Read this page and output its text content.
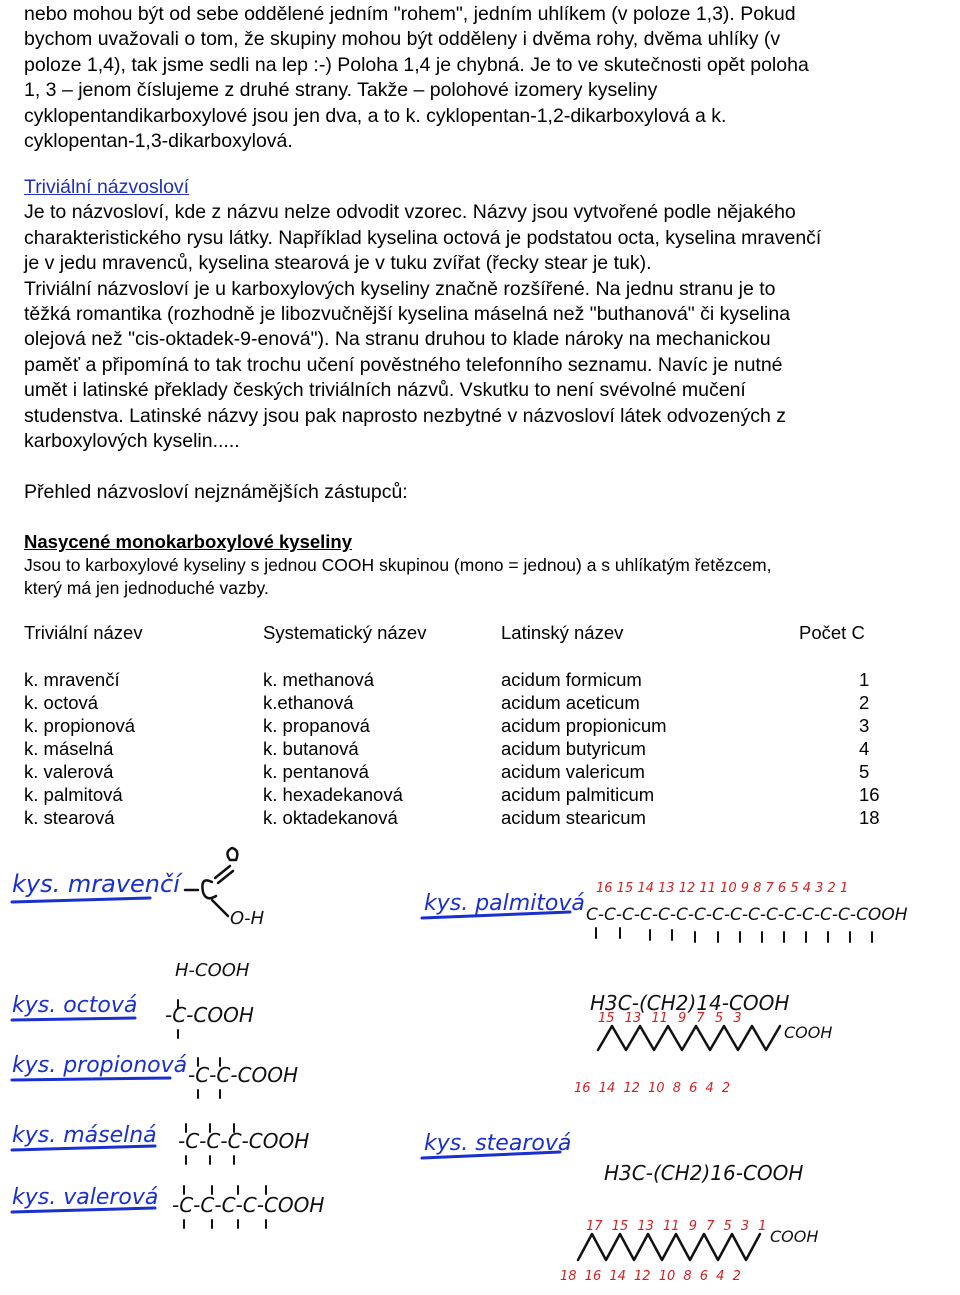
nebo mohou být od sebe oddělené jedním "rohem", jedním uhlíkem (v poloze 1,3). Pokud

bychom uvažovali o tom, že skupiny mohou být odděleny i dvěma rohy, dvěma uhlíky (v

poloze 1,4), tak jsme sedli na lep :-) Poloha 1,4 je chybná. Je to ve skutečnosti opět poloha

1, 3 – jenom číslujeme z druhé strany. Takže – polohové izomery kyseliny

cyklopentandikarboxylové jsou jen dva, a to k. cyklopentan-1,2-dikarboxylová a k.

cyklopentan-1,3-dikarboxylová.

Triviální názvosloví

Je to názvosloví, kde z názvu nelze odvodit vzorec. Názvy jsou vytvořené podle nějakého

charakteristického rysu látky. Například kyselina octová je podstatou octa, kyselina mravenčí

je v jedu mravenců, kyselina stearová je v tuku zvířat (řecky stear je tuk).

Triviální názvosloví je u karboxylových kyseliny značně rozšířené. Na jednu stranu je to

těžká romantika (rozhodně je libozvučnější kyselina máselná než "buthanová" či kyselina

olejová než "cis-oktadek-9-enová"). Na stranu druhou to klade nároky na mechanickou

paměť a připomíná to tak trochu učení pověstného telefonního seznamu. Navíc je nutné

umět i latinské překlady českých triviálních názvů. Vskutku to není svévolné mučení

studenstva. Latinské názvy jsou pak naprosto nezbytné v názvosloví látek odvozených z

karboxylových kyselin.....

Přehled názvosloví nejznámějších zástupců:

Nasycené monokarboxylové kyseliny

Jsou to karboxylové kyseliny s jednou COOH skupinou (mono = jednou) a s uhlíkatým řetězcem,

který má jen jednoduché vazby.

Triviální název	Systematický název	Latinský název	Počet C
k. mravenčí	k. methanová	acidum formicum	1
k. octová	k.ethanová	acidum aceticum	2
k. propionová	k. propanová	acidum propionicum	3
k. máselná	k. butanová	acidum butyricum	4
k. valerová	k. pentanová	acidum valericum	5
k. palmitová	k. hexadekanová	acidum palmiticum	16
k. stearová	k. oktadekanová	acidum stearicum	18
kys. mravenčí
O-H
H-COOH
kys. octová -C-COOH
kys. propionová -C-C-COOH
kys. máselná -C-C-C-COOH
kys. valerová -C-C-C-C-COOH
kys. palmitová
16 15 14 13 12 11 10 9 8 7 6 5 4 3 2 1
C-C-C-C-C-C-C-C-C-C-C-C-C-C-C-COOH
H3C-(CH2)14-COOH
15 13 11 9 7 5 3
16 14 12 10 8 6 4 2
COOH
kys. stearová
H3C-(CH2)16-COOH
17 15 13 11 9 7 5 3 1
18 16 14 12 10 8 6 4 2
COOH
